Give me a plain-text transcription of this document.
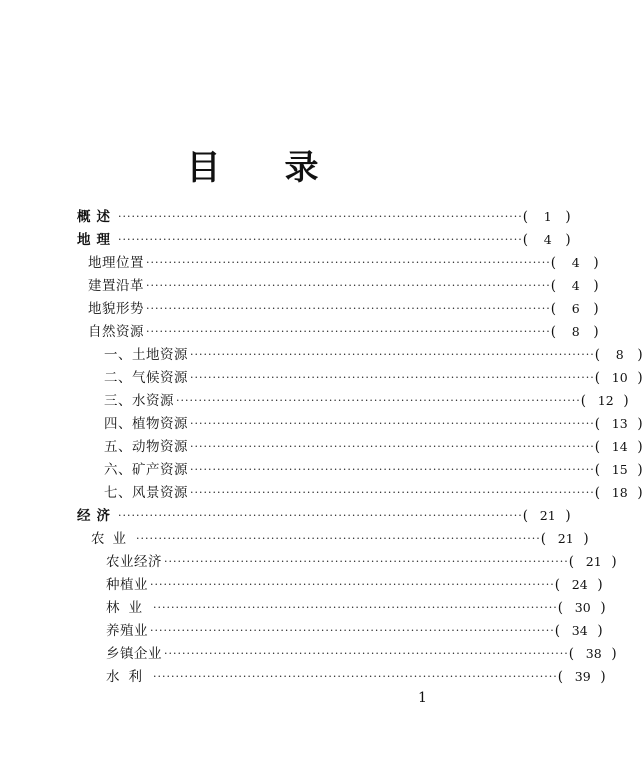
目 录
概述 ·························································································· (	1	)
地理 ·························································································· (	4	)
地理位置 ·························································································· (	4	)
建置沿革 ·························································································· (	4	)
地貌形势 ·························································································· (	6	)
自然资源 ·························································································· (	8	)
一、土地资源 ·························································································· (	8	)
二、气候资源 ·························································································· ( 10 )
三、水资源 ·························································································· ( 12 )
四、植物资源 ·························································································· ( 13 )
五、动物资源 ·························································································· ( 14 )
六、矿产资源 ·························································································· ( 15 )
七、风景资源 ·························································································· ( 18 )
经济 ·························································································· ( 21 )
农业 ·························································································· ( 21 )
农业经济 ·························································································· ( 21 )
种植业 ·························································································· ( 24 )
林业 ·························································································· ( 30 )
养殖业 ·························································································· ( 34 )
乡镇企业 ·························································································· ( 38 )
水利 ·························································································· ( 39 )
1
